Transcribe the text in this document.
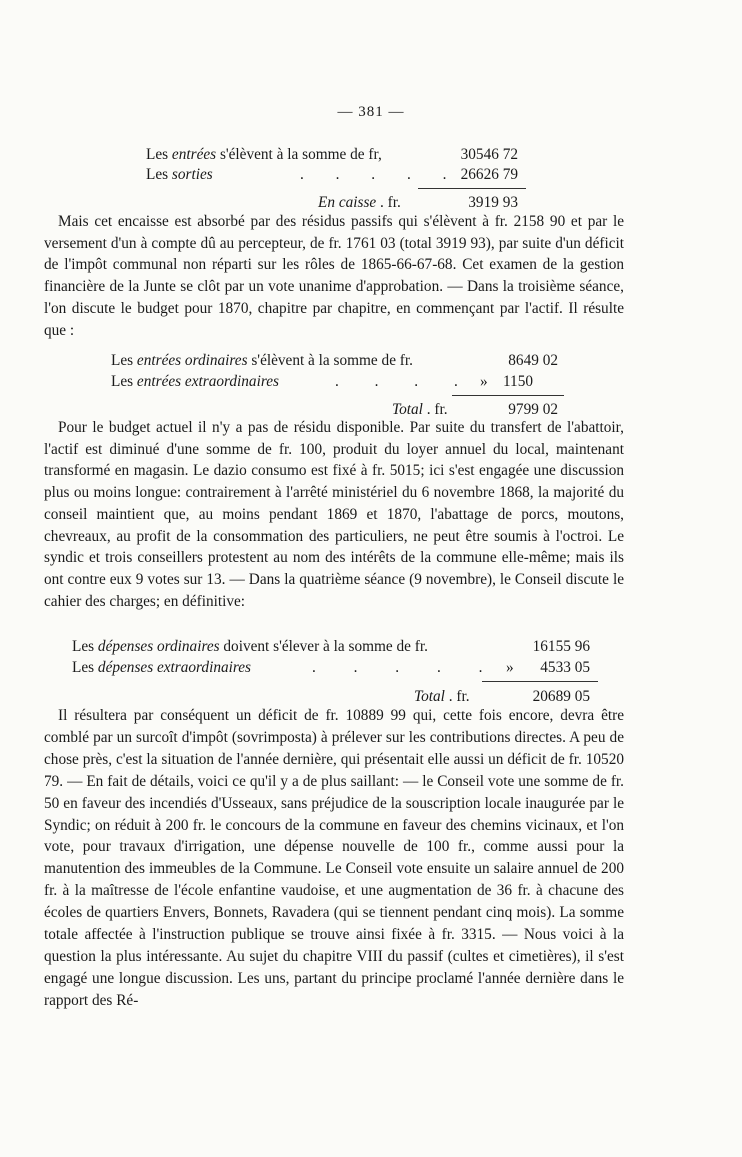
— 381 —
Les entrées s'élèvent à la somme de fr,	30546 72
Les sorties	. . . . . 26626 79
En caisse . fr.	3919 93
Mais cet encaisse est absorbé par des résidus passifs qui s'élèvent à fr. 2158 90 et par le versement d'un à compte dû au percepteur, de fr. 1761 03 (total 3919 93), par suite d'un déficit de l'impôt communal non réparti sur les rôles de 1865-66-67-68. Cet examen de la gestion financière de la Junte se clôt par un vote unanime d'approbation. — Dans la troisième séance, l'on discute le budget pour 1870, chapitre par chapitre, en commençant par l'actif. Il résulte que :
Les entrées ordinaires s'élèvent à la somme de fr.	8649 02
Les entrées extraordinaires	. . . . »	1150
Total . fr.	9799 02
Pour le budget actuel il n'y a pas de résidu disponible. Par suite du transfert de l'abattoir, l'actif est diminué d'une somme de fr. 100, produit du loyer annuel du local, maintenant transformé en magasin. Le dazio consumo est fixé à fr. 5015; ici s'est engagée une discussion plus ou moins longue: contrairement à l'arrêté ministériel du 6 novembre 1868, la majorité du conseil maintient que, au moins pendant 1869 et 1870, l'abattage de porcs, moutons, chevreaux, au profit de la consommation des particuliers, ne peut être soumis à l'octroi. Le syndic et trois conseillers protestent au nom des intérêts de la commune elle-même; mais ils ont contre eux 9 votes sur 13. — Dans la quatrième séance (9 novembre), le Conseil discute le cahier des charges; en définitive:
Les dépenses ordinaires doivent s'élever à la somme de fr.	16155 96
Les dépenses extraordinaires	. . . . . »	4533 05
Total . fr.	20689 05
Il résultera par conséquent un déficit de fr. 10889 99 qui, cette fois encore, devra être comblé par un surcoît d'impôt (sovrimposta) à prélever sur les contributions directes. A peu de chose près, c'est la situation de l'année dernière, qui présentait elle aussi un déficit de fr. 10520 79. — En fait de détails, voici ce qu'il y a de plus saillant: — le Conseil vote une somme de fr. 50 en faveur des incendiés d'Usseaux, sans préjudice de la souscription locale inaugurée par le Syndic; on réduit à 200 fr. le concours de la commune en faveur des chemins vicinaux, et l'on vote, pour travaux d'irrigation, une dépense nouvelle de 100 fr., comme aussi pour la manutention des immeubles de la Commune. Le Conseil vote ensuite un salaire annuel de 200 fr. à la maîtresse de l'école enfantine vaudoise, et une augmentation de 36 fr. à chacune des écoles de quartiers Envers, Bonnets, Ravadera (qui se tiennent pendant cinq mois). La somme totale affectée à l'instruction publique se trouve ainsi fixée à fr. 3315. — Nous voici à la question la plus intéressante. Au sujet du chapitre VIII du passif (cultes et cimetières), il s'est engagé une longue discussion. Les uns, partant du principe proclamé l'année dernière dans le rapport des Ré-
